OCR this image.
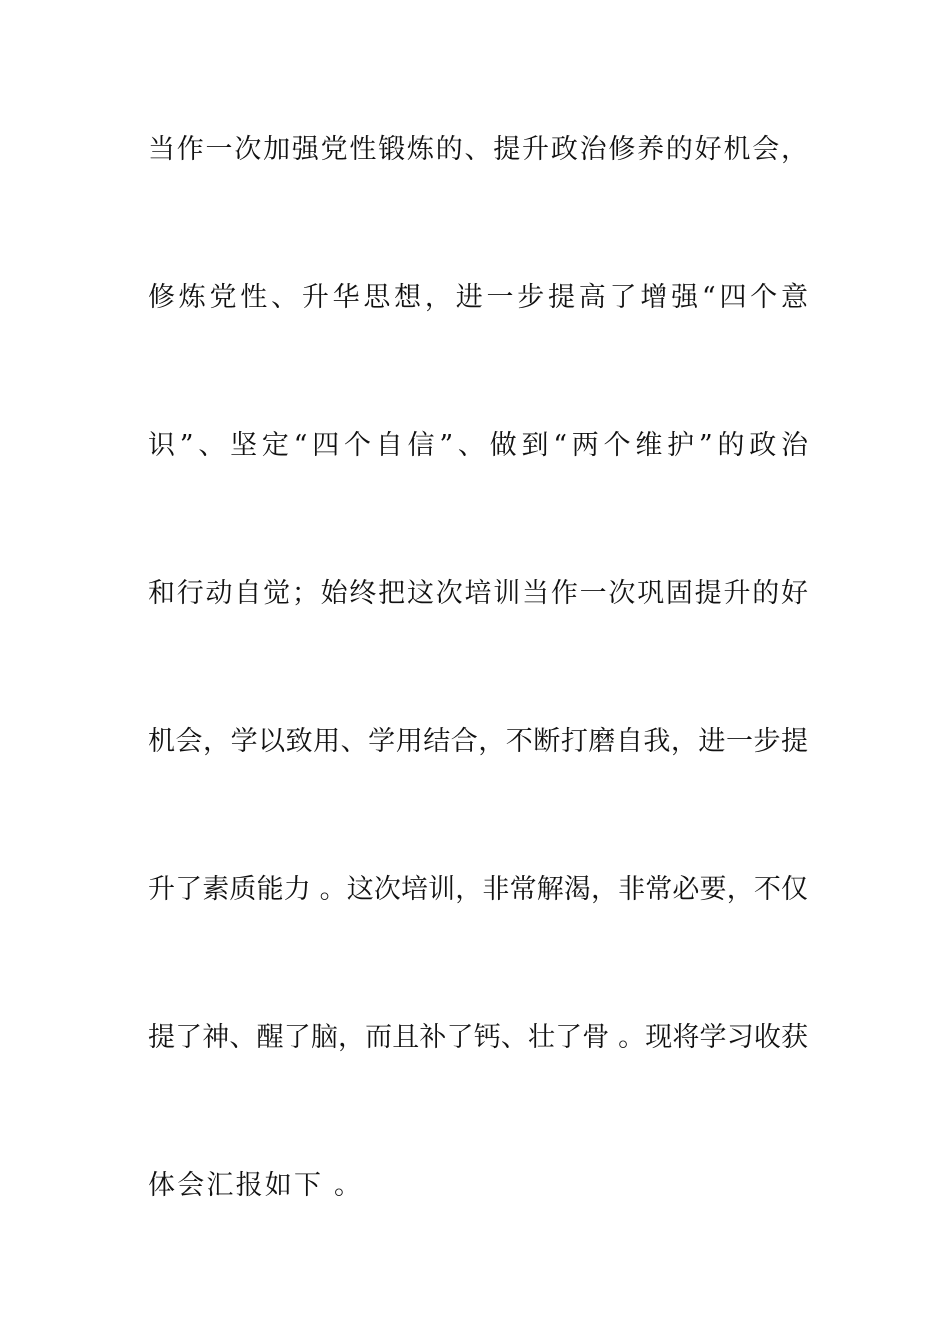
当作一次加强党性锻炼的、提升政治修养的好机会，
修炼党性、升华思想，进一步提高了增强“四个意
识”、坚定“四个自信”、做到“两个维护”的政治
和行动自觉；始终把这次培训当作一次巩固提升的好
机会，学以致用、学用结合，不断打磨自我，进一步提
升了素质能力 。这次培训，非常解渴，非常必要，不仅
提了神、醒了脑，而且补了钙、壮了骨 。现将学习收获
体会汇报如下 。
